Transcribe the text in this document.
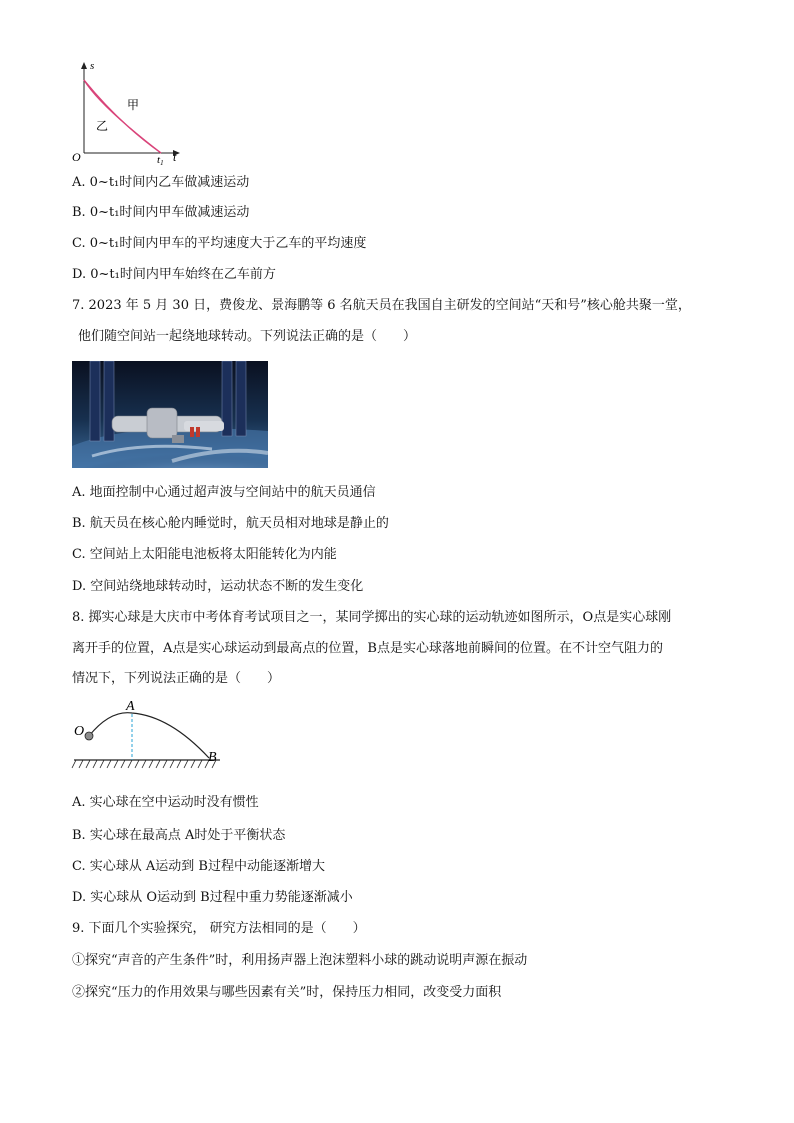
s
t
O	t1
甲
乙
A. 0~t₁时间内乙车做减速运动
B. 0~t₁时间内甲车做减速运动
C. 0~t₁时间内甲车的平均速度大于乙车的平均速度
D. 0~t₁时间内甲车始终在乙车前方
7. 2023 年 5 月 30 日，费俊龙、景海鹏等 6 名航天员在我国自主研发的空间站“天和号”核心舱共聚一堂，
他们随空间站一起绕地球转动。下列说法正确的是（　　）
A. 地面控制中心通过超声波与空间站中的航天员通信
B. 航天员在核心舱内睡觉时，航天员相对地球是静止的
C. 空间站上太阳能电池板将太阳能转化为内能
D. 空间站绕地球转动时，运动状态不断的发生变化
8. 掷实心球是大庆市中考体育考试项目之一，某同学掷出的实心球的运动轨迹如图所示，O点是实心球刚
离开手的位置，A点是实心球运动到最高点的位置，B点是实心球落地前瞬间的位置。在不计空气阻力的
情况下，下列说法正确的是（　　）
O
A
B
A. 实心球在空中运动时没有惯性
B. 实心球在最高点 A时处于平衡状态
C. 实心球从 A运动到 B过程中动能逐渐增大
D. 实心球从 O运动到 B过程中重力势能逐渐减小
9. 下面几个实验探究， 研究方法相同的是（　　）
①探究“声音的产生条件”时，利用扬声器上泡沫塑料小球的跳动说明声源在振动
②探究“压力的作用效果与哪些因素有关”时，保持压力相同，改变受力面积
